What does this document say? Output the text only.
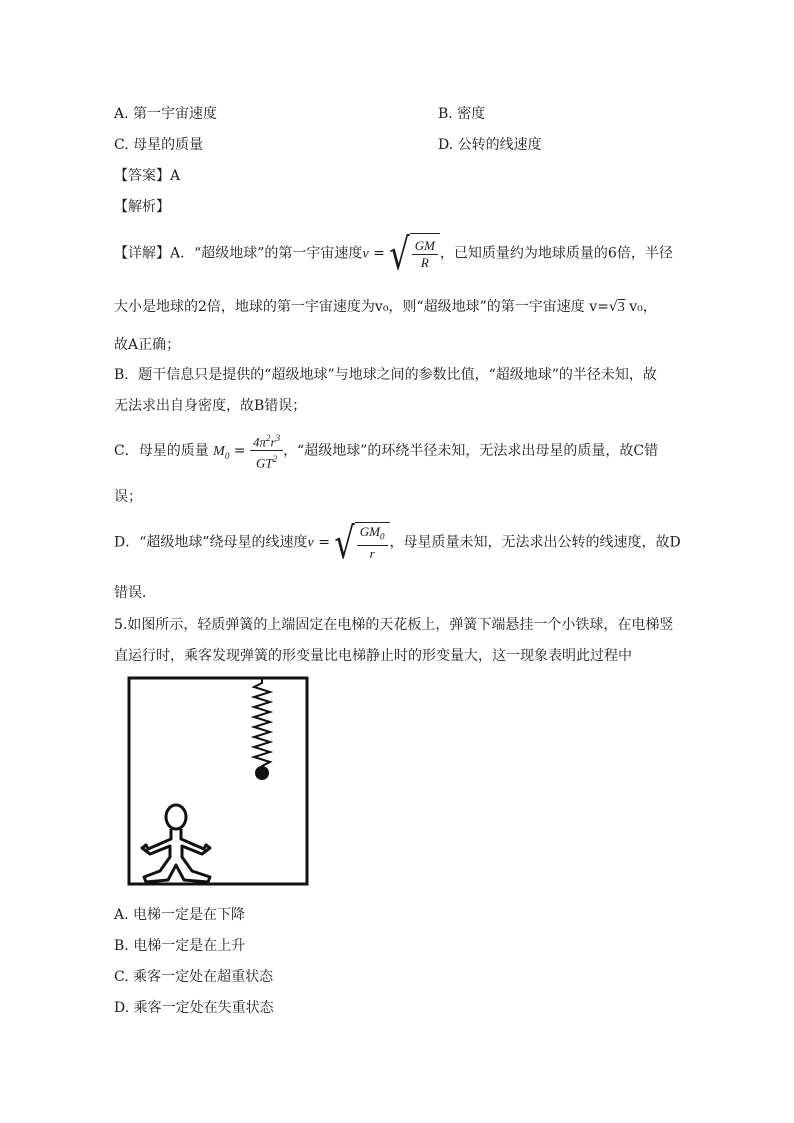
A. 第一宇宙速度	B. 密度
C. 母星的质量	D. 公转的线速度
【答案】A
【解析】
【详解】A．“超级地球”的第一宇宙速度v = √ $\frac{GM}{R}$ ，已知质量约为地球质量的6倍，半径
大小是地球的2倍，地球的第一宇宙速度为v₀，则“超级地球”的第一宇宙速度 v=√3 v₀，
故A正确；
B．题干信息只是提供的“超级地球”与地球之间的参数比值，“超级地球”的半径未知，故
无法求出自身密度，故B错误；
C．母星的质量 $M_0 = \frac{4\pi^2r^3}{GT^2}$ ，“超级地球”的环绕半径未知，无法求出母星的质量，故C错
误；
D．“超级地球”绕母星的线速度v = √ $\frac{GM_0}{r}$ ，母星质量未知，无法求出公转的线速度，故D
错误．
5.如图所示，轻质弹簧的上端固定在电梯的天花板上，弹簧下端悬挂一个小铁球，在电梯竖
直运行时，乘客发现弹簧的形变量比电梯静止时的形变量大，这一现象表明此过程中
A. 电梯一定是在下降
B. 电梯一定是在上升
C. 乘客一定处在超重状态
D. 乘客一定处在失重状态
